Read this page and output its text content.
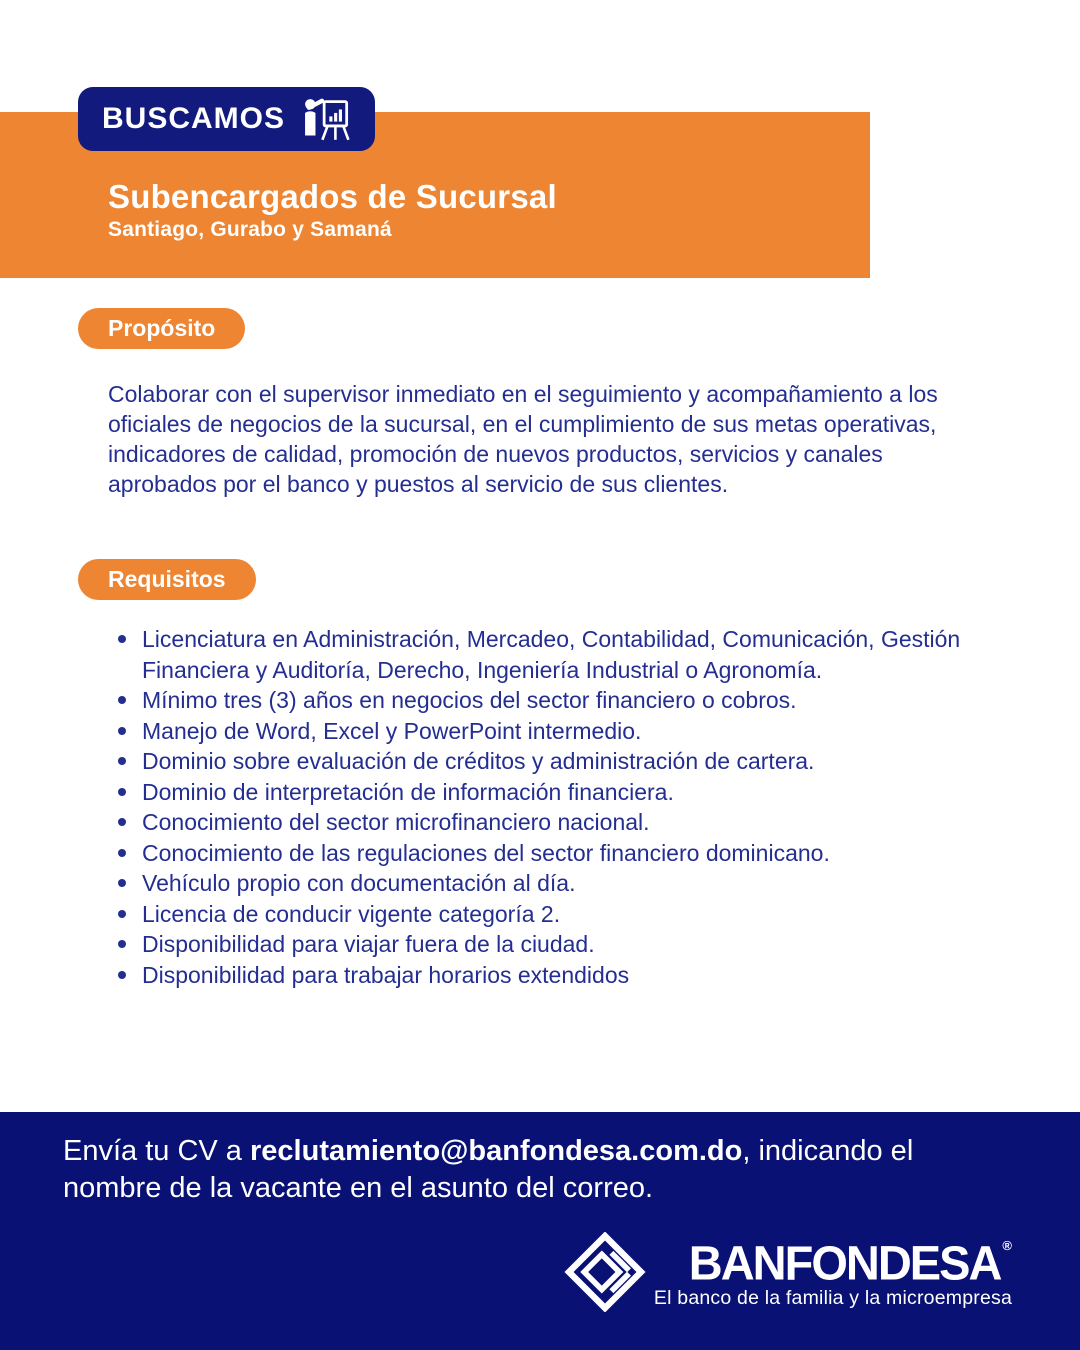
BUSCAMOS
Subencargados de Sucursal
Santiago, Gurabo y Samaná
Propósito

Colaborar con el supervisor inmediato en el seguimiento y acompañamiento a los oficiales de negocios de la sucursal, en el cumplimiento de sus metas operativas, indicadores de calidad, promoción de nuevos productos, servicios y canales aprobados por el banco y puestos al servicio de sus clientes.

Requisitos
Licenciatura en Administración, Mercadeo, Contabilidad, Comunicación, Gestión Financiera y Auditoría, Derecho, Ingeniería Industrial o Agronomía.
Mínimo tres (3) años en negocios del sector financiero o cobros.
Manejo de Word, Excel y PowerPoint intermedio.
Dominio sobre evaluación de créditos y administración de cartera.
Dominio de interpretación de información financiera.
Conocimiento del sector microfinanciero nacional.
Conocimiento de las regulaciones del sector financiero dominicano.
Vehículo propio con documentación al día.
Licencia de conducir vigente categoría 2.
Disponibilidad para viajar fuera de la ciudad.
Disponibilidad para trabajar horarios extendidos

Envía tu CV a reclutamiento@banfondesa.com.do, indicando el nombre de la vacante en el asunto del correo.

BANFONDESA ®
El banco de la familia y la microempresa
